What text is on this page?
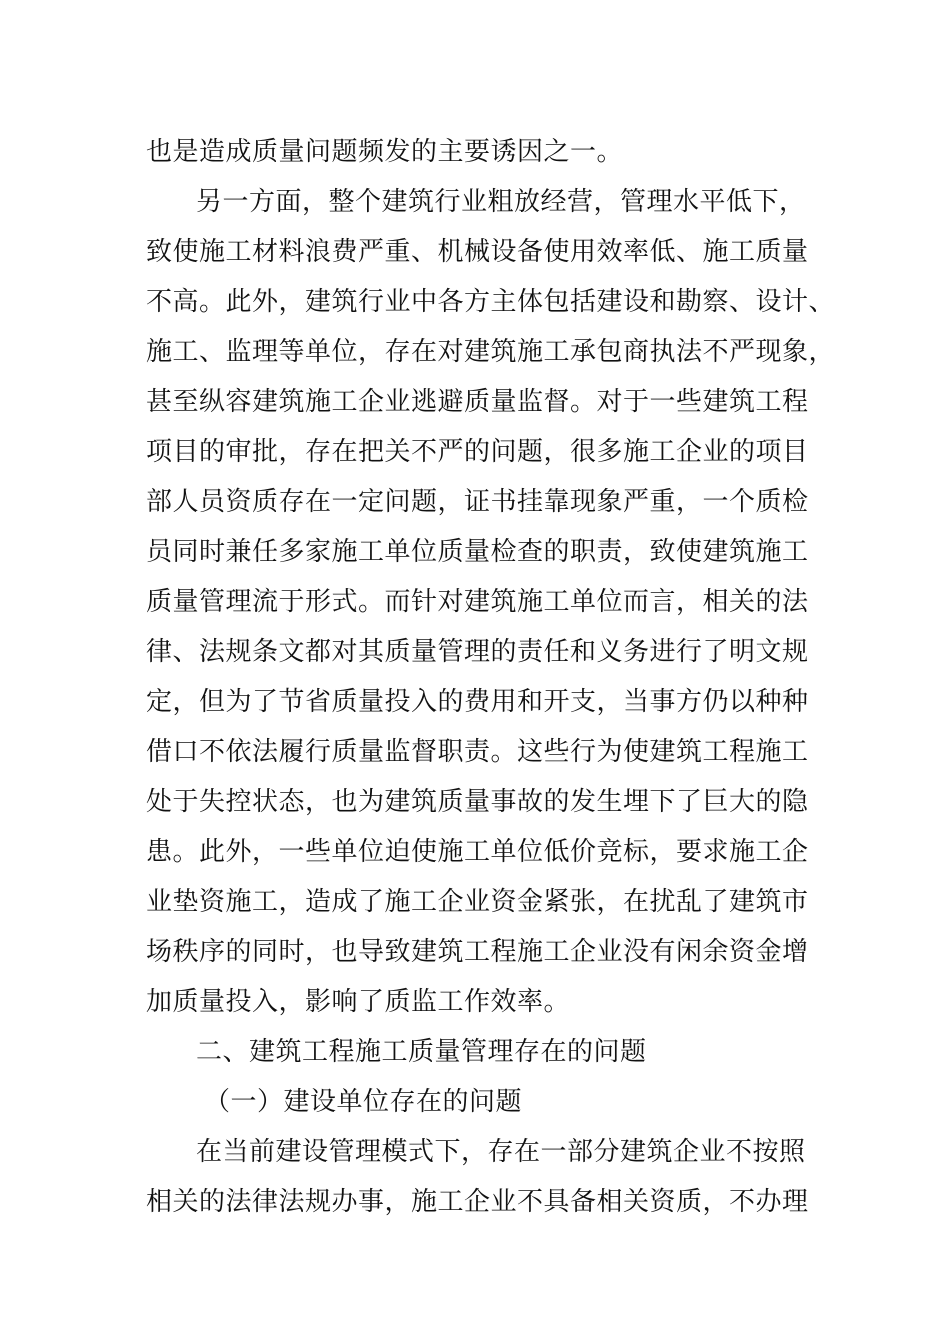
也是造成质量问题频发的主要诱因之一。
另一方面，整个建筑行业粗放经营，管理水平低下，
致使施工材料浪费严重、机械设备使用效率低、施工质量
不高。此外，建筑行业中各方主体包括建设和勘察、设计、
施工、监理等单位，存在对建筑施工承包商执法不严现象，
甚至纵容建筑施工企业逃避质量监督。对于一些建筑工程
项目的审批，存在把关不严的问题，很多施工企业的项目
部人员资质存在一定问题，证书挂靠现象严重，一个质检
员同时兼任多家施工单位质量检查的职责，致使建筑施工
质量管理流于形式。而针对建筑施工单位而言，相关的法
律、法规条文都对其质量管理的责任和义务进行了明文规
定，但为了节省质量投入的费用和开支，当事方仍以种种
借口不依法履行质量监督职责。这些行为使建筑工程施工
处于失控状态，也为建筑质量事故的发生埋下了巨大的隐
患。此外，一些单位迫使施工单位低价竞标，要求施工企
业垫资施工，造成了施工企业资金紧张，在扰乱了建筑市
场秩序的同时，也导致建筑工程施工企业没有闲余资金增
加质量投入，影响了质监工作效率。
二、建筑工程施工质量管理存在的问题
（一）建设单位存在的问题
在当前建设管理模式下，存在一部分建筑企业不按照
相关的法律法规办事，施工企业不具备相关资质，不办理
